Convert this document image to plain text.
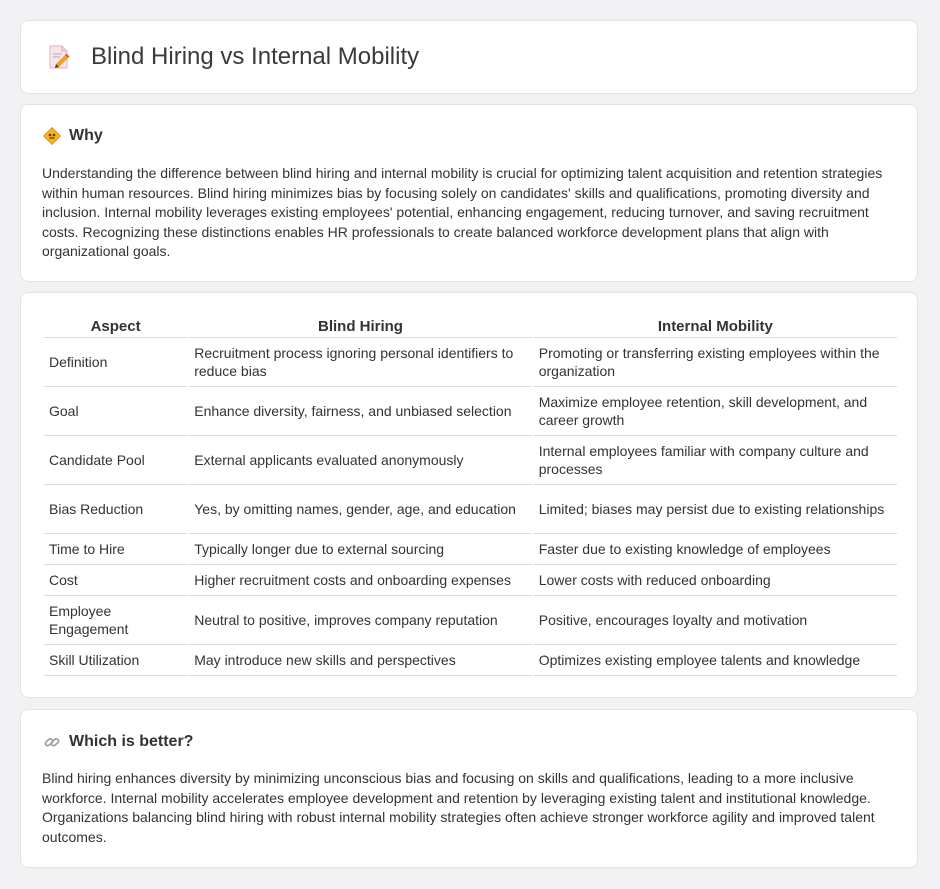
Blind Hiring vs Internal Mobility
Why

Understanding the difference between blind hiring and internal mobility is crucial for optimizing talent acquisition and retention strategies within human resources. Blind hiring minimizes bias by focusing solely on candidates' skills and qualifications, promoting diversity and inclusion. Internal mobility leverages existing employees' potential, enhancing engagement, reducing turnover, and saving recruitment costs. Recognizing these distinctions enables HR professionals to create balanced workforce development plans that align with organizational goals.

Aspect	Blind Hiring	Internal Mobility
Definition	Recruitment process ignoring personal identifiers to reduce bias	Promoting or transferring existing employees within the organization
Goal	Enhance diversity, fairness, and unbiased selection	Maximize employee retention, skill development, and career growth
Candidate Pool	External applicants evaluated anonymously	Internal employees familiar with company culture and processes
Bias Reduction	Yes, by omitting names, gender, age, and education	Limited; biases may persist due to existing relationships
Time to Hire	Typically longer due to external sourcing	Faster due to existing knowledge of employees
Cost	Higher recruitment costs and onboarding expenses	Lower costs with reduced onboarding
Employee Engagement	Neutral to positive, improves company reputation	Positive, encourages loyalty and motivation
Skill Utilization	May introduce new skills and perspectives	Optimizes existing employee talents and knowledge
Which is better?

Blind hiring enhances diversity by minimizing unconscious bias and focusing on skills and qualifications, leading to a more inclusive workforce. Internal mobility accelerates employee development and retention by leveraging existing talent and institutional knowledge. Organizations balancing blind hiring with robust internal mobility strategies often achieve stronger workforce agility and improved talent outcomes.
